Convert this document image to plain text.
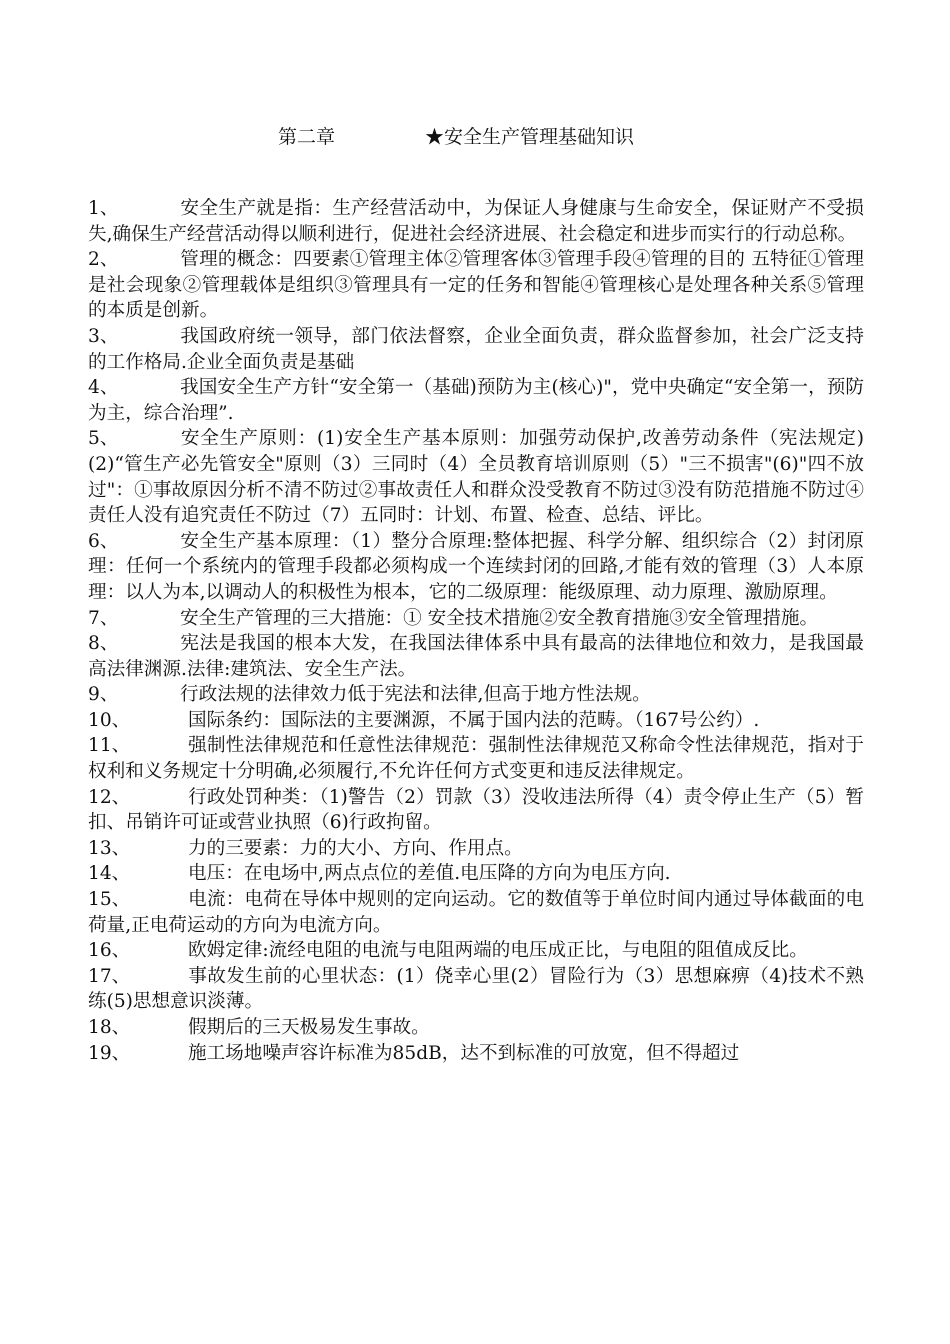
第二章	★安全生产管理基础知识

1、	安全生产就是指：生产经营活动中，为保证人身健康与生命安全，保证财产不受损失,确保生产经营活动得以顺利进行，促进社会经济进展、社会稳定和进步而实行的行动总称。

2、	管理的概念：四要素①管理主体②管理客体③管理手段④管理的目的 五特征①管理是社会现象②管理载体是组织③管理具有一定的任务和智能④管理核心是处理各种关系⑤管理的本质是创新。

3、	我国政府统一领导，部门依法督察，企业全面负责，群众监督参加，社会广泛支持的工作格局.企业全面负责是基础

4、	我国安全生产方针“安全第一（基础)预防为主(核心)"，党中央确定“安全第一，预防为主，综合治理”.

5、	安全生产原则：(1)安全生产基本原则：加强劳动保护,改善劳动条件（宪法规定)(2)“管生产必先管安全"原则（3）三同时（4）全员教育培训原则（5）"三不损害"(6)"四不放过"：①事故原因分析不清不防过②事故责任人和群众没受教育不防过③没有防范措施不防过④责任人没有追究责任不防过（7）五同时：计划、布置、检查、总结、评比。

6、	安全生产基本原理：（1）整分合原理:整体把握、科学分解、组织综合（2）封闭原理：任何一个系统内的管理手段都必须构成一个连续封闭的回路,才能有效的管理（3）人本原理：以人为本,以调动人的积极性为根本，它的二级原理：能级原理、动力原理、激励原理。

7、	安全生产管理的三大措施：① 安全技术措施②安全教育措施③安全管理措施。

8、	宪法是我国的根本大发，在我国法律体系中具有最高的法律地位和效力，是我国最高法律渊源.法律:建筑法、安全生产法。

9、	行政法规的法律效力低于宪法和法律,但高于地方性法规。

10、	国际条约：国际法的主要渊源，不属于国内法的范畴。（167号公约）.

11、	强制性法律规范和任意性法律规范：强制性法律规范又称命令性法律规范，指对于权利和义务规定十分明确,必须履行,不允许任何方式变更和违反法律规定。

12、	行政处罚种类：（1)警告（2）罚款（3）没收违法所得（4）责令停止生产（5）暂扣、吊销许可证或营业执照（6)行政拘留。

13、	力的三要素：力的大小、方向、作用点。

14、	电压：在电场中,两点点位的差值.电压降的方向为电压方向.

15、	电流：电荷在导体中规则的定向运动。它的数值等于单位时间内通过导体截面的电荷量,正电荷运动的方向为电流方向。

16、	欧姆定律:流经电阻的电流与电阻两端的电压成正比，与电阻的阻值成反比。

17、	事故发生前的心里状态：(1）侥幸心里(2）冒险行为（3）思想麻痹（4)技术不熟练(5)思想意识淡薄。

18、	假期后的三天极易发生事故。

19、	施工场地噪声容许标准为85dB，达不到标准的可放宽，但不得超过
